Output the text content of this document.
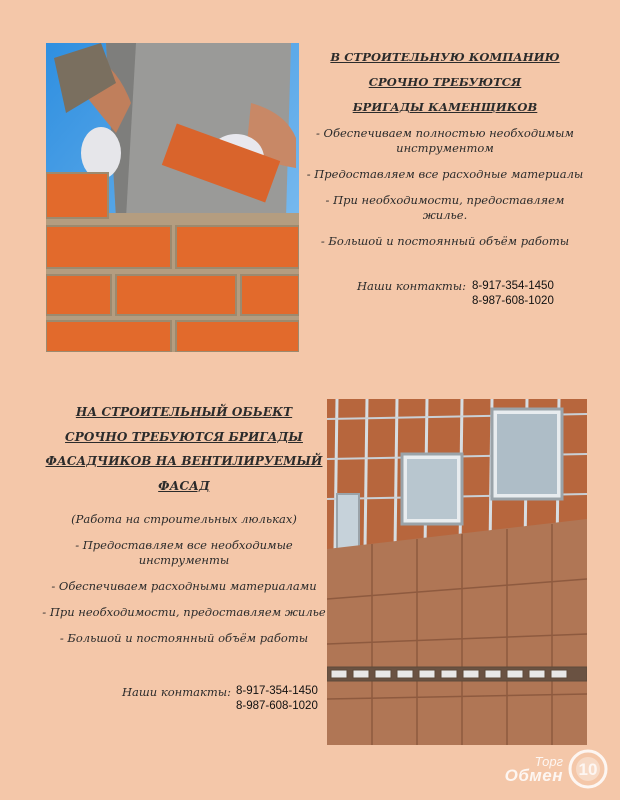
В СТРОИТЕЛЬНУЮ КОМПАНИЮ
СРОЧНО ТРЕБУЮТСЯ
БРИГАДЫ КАМЕНЩИКОВ
- Обеспечиваем полностью необходимым инструментом
- Предоставляем все расходные материалы
- При необходимости, предоставляем жилье.
- Большой и постоянный объём работы
Наши контакты: 8-917-354-1450
8-987-608-1020
НА СТРОИТЕЛЬНЫЙ ОБЬЕКТ
СРОЧНО ТРЕБУЮТСЯ БРИГАДЫ
ФАСАДЧИКОВ НА ВЕНТИЛИРУЕМЫЙ
ФАСАД
(Работа на строительных люльках)
- Предоставляем все необходимые инструменты
- Обеспечиваем расходными материалами
- При необходимости, предоставляем жилье
- Большой и постоянный объём работы
Наши контакты: 8-917-354-1450
8-987-608-1020
Торг
Обмен 10
